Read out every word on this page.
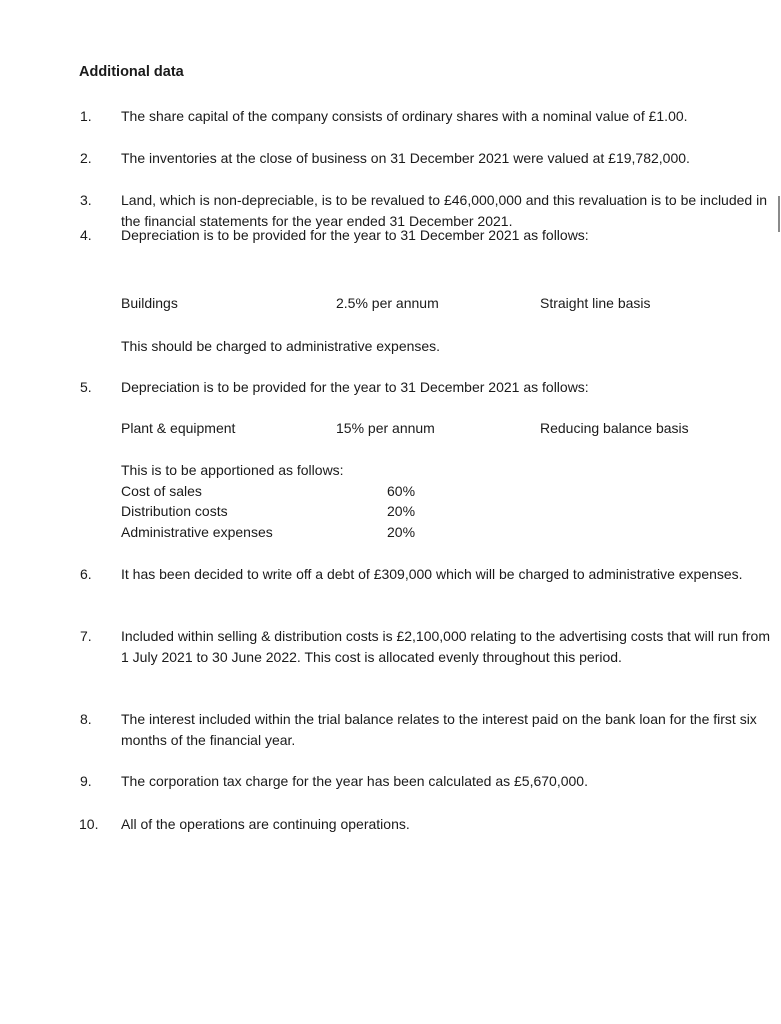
Additional data
1.	The share capital of the company consists of ordinary shares with a nominal value of £1.00.
2.	The inventories at the close of business on 31 December 2021 were valued at £19,782,000.
3.	Land, which is non-depreciable, is to be revalued to £46,000,000 and this revaluation is to be included in the financial statements for the year ended 31 December 2021.
4.	Depreciation is to be provided for the year to 31 December 2021 as follows:
Buildings	2.5% per annum	Straight line basis
This should be charged to administrative expenses.
5.	Depreciation is to be provided for the year to 31 December 2021 as follows:
Plant & equipment	15% per annum	Reducing balance basis
This is to be apportioned as follows:
Cost of sales	60%
Distribution costs	20%
Administrative expenses	20%
6.	It has been decided to write off a debt of £309,000 which will be charged to administrative expenses.
7.	Included within selling & distribution costs is £2,100,000 relating to the advertising costs that will run from 1 July 2021 to 30 June 2022. This cost is allocated evenly throughout this period.
8.	The interest included within the trial balance relates to the interest paid on the bank loan for the first six months of the financial year.
9.	The corporation tax charge for the year has been calculated as £5,670,000.
10.	All of the operations are continuing operations.
